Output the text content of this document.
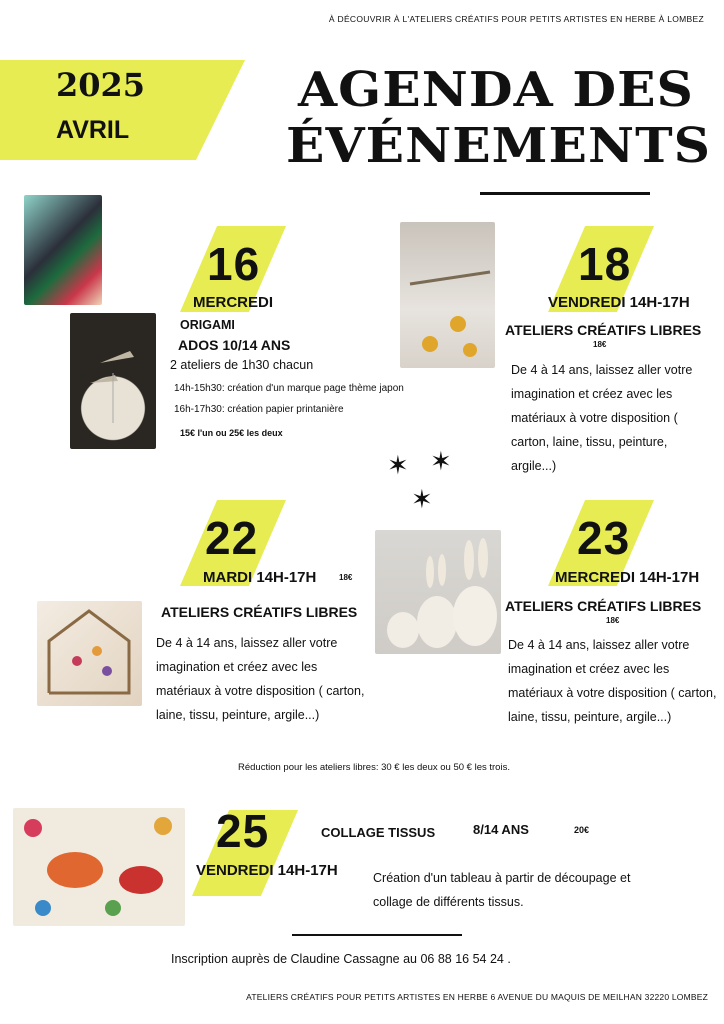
À DÉCOUVRIR À L'ATELIERS CRÉATIFS POUR PETITS ARTISTES EN HERBE À LOMBEZ
2025
AVRIL
AGENDA DES
ÉVÉNEMENTS
16
MERCREDI
ORIGAMI
ADOS 10/14 ANS
2 ateliers de 1h30 chacun
14h-15h30: création d'un marque page thème japon
16h-17h30: création papier printanière
15€ l'un ou 25€ les deux
18
VENDREDI 14H-17H
ATELIERS CRÉATIFS LIBRES
18€
De 4 à 14 ans, laissez aller votre imagination et créez avec les matériaux à votre disposition ( carton, laine, tissu, peinture, argile...)
✶ ✶
✶
22
MARDI 14H-17H	18€
ATELIERS CRÉATIFS LIBRES
De 4 à 14 ans, laissez aller votre imagination et créez avec les matériaux à votre disposition ( carton, laine, tissu, peinture, argile...)
23
MERCREDI 14H-17H
ATELIERS CRÉATIFS LIBRES
18€
De 4 à 14 ans, laissez aller votre imagination et créez avec les matériaux à votre disposition ( carton, laine, tissu, peinture, argile...)
Réduction pour les ateliers libres: 30 € les deux ou 50 € les trois.
25
VENDREDI 14H-17H
COLLAGE TISSUS	8/14 ANS	20€
Création d'un tableau à partir de découpage et collage de différents tissus.
Inscription auprès de Claudine Cassagne au 06 88 16 54 24 .
ATELIERS CRÉATIFS POUR PETITS ARTISTES EN HERBE 6 AVENUE DU MAQUIS DE MEILHAN 32220 LOMBEZ
